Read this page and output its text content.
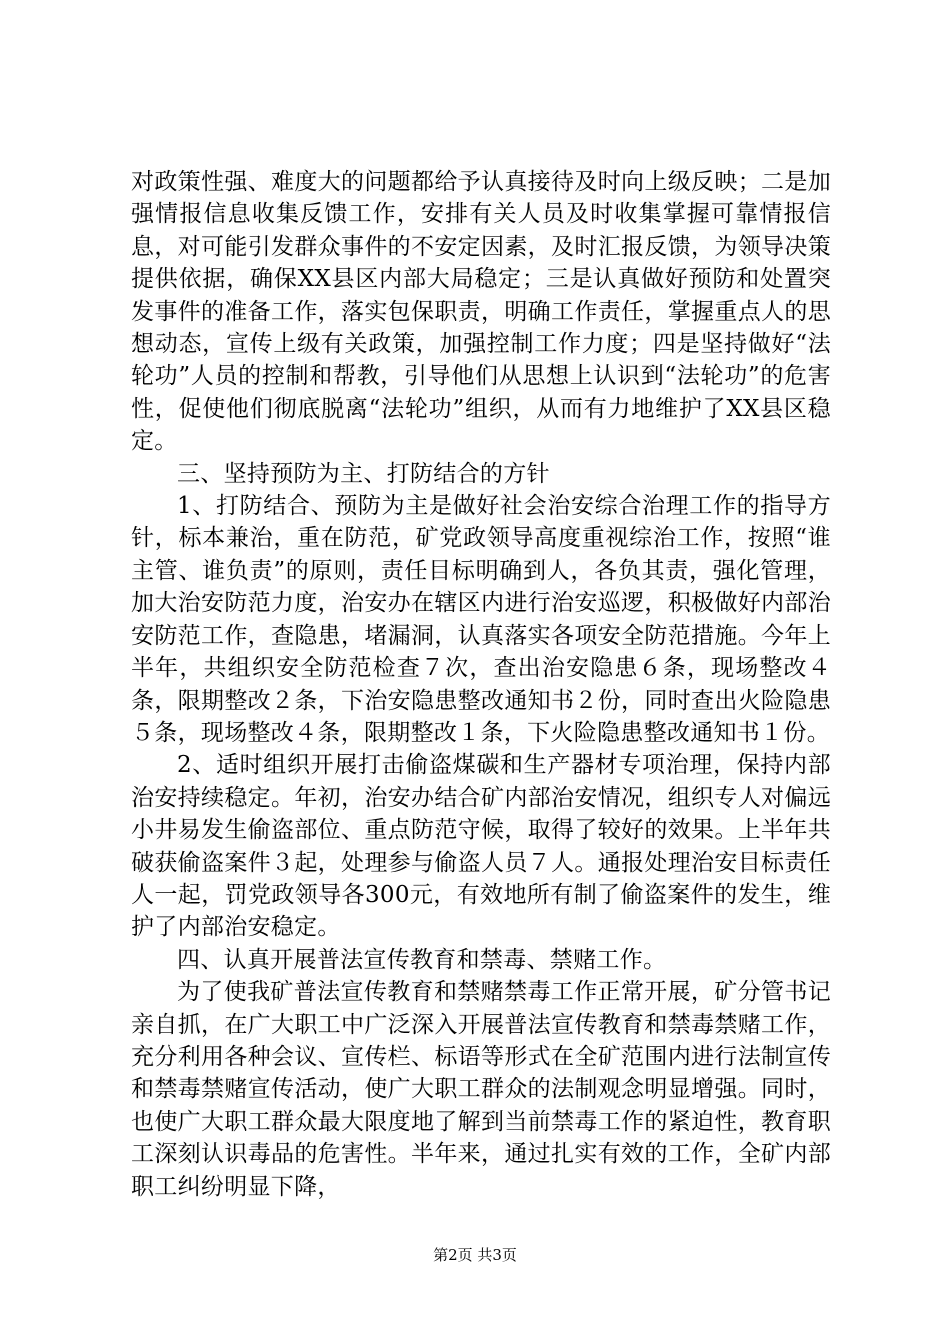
对政策性强、难度大的问题都给予认真接待及时向上级反映；二是加强情报信息收集反馈工作，安排有关人员及时收集掌握可靠情报信息，对可能引发群众事件的不安定因素，及时汇报反馈，为领导决策提供依据，确保XX县区内部大局稳定；三是认真做好预防和处置突发事件的准备工作，落实包保职责，明确工作责任，掌握重点人的思想动态，宣传上级有关政策，加强控制工作力度；四是坚持做好“法轮功”人员的控制和帮教，引导他们从思想上认识到“法轮功”的危害性，促使他们彻底脱离“法轮功”组织，从而有力地维护了XX县区稳定。

三、坚持预防为主、打防结合的方针

1、打防结合、预防为主是做好社会治安综合治理工作的指导方针，标本兼治，重在防范，矿党政领导高度重视综治工作，按照“谁主管、谁负责”的原则，责任目标明确到人，各负其责，强化管理，加大治安防范力度，治安办在辖区内进行治安巡逻，积极做好内部治安防范工作，查隐患，堵漏洞，认真落实各项安全防范措施。今年上半年，共组织安全防范检查７次，查出治安隐患６条，现场整改４条，限期整改２条，下治安隐患整改通知书２份，同时查出火险隐患５条，现场整改４条，限期整改１条，下火险隐患整改通知书１份。

2、适时组织开展打击偷盗煤碳和生产器材专项治理，保持内部治安持续稳定。年初，治安办结合矿内部治安情况，组织专人对偏远小井易发生偷盗部位、重点防范守候，取得了较好的效果。上半年共破获偷盗案件３起，处理参与偷盗人员７人。通报处理治安目标责任人一起，罚党政领导各300元，有效地所有制了偷盗案件的发生，维护了内部治安稳定。

四、认真开展普法宣传教育和禁毒、禁赌工作。

为了使我矿普法宣传教育和禁赌禁毒工作正常开展，矿分管书记亲自抓，在广大职工中广泛深入开展普法宣传教育和禁毒禁赌工作，充分利用各种会议、宣传栏、标语等形式在全矿范围内进行法制宣传和禁毒禁赌宣传活动，使广大职工群众的法制观念明显增强。同时，也使广大职工群众最大限度地了解到当前禁毒工作的紧迫性，教育职工深刻认识毒品的危害性。半年来，通过扎实有效的工作，全矿内部职工纠纷明显下降，

第2页 共3页
